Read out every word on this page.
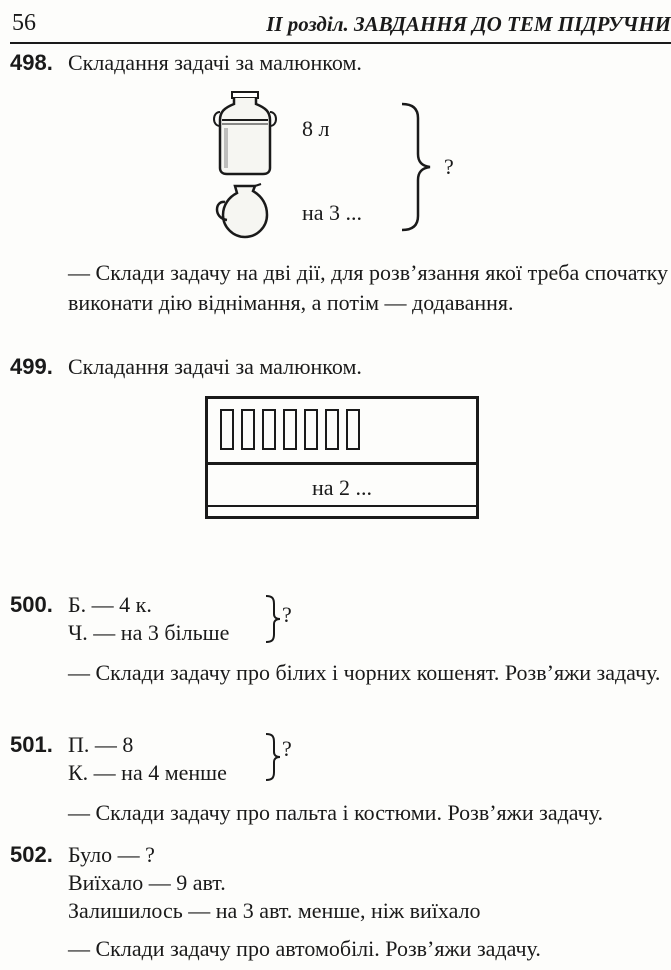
56	II розділ. ЗАВДАННЯ ДО ТЕМ ПІДРУЧНИ
498. Складання задачі за малюнком.
8 л
на 3 ...
?
— Склади задачу на дві дії, для розв’язання якої треба спочатку виконати дію віднімання, а потім — додавання.
499. Складання задачі за малюнком.
на 2 ...
500. Б. — 4 к.
Ч. — на 3 більше
?
— Склади задачу про білих і чорних кошенят. Розв’яжи задачу.
501. П. — 8
К. — на 4 менше
?
— Склади задачу про пальта і костюми. Розв’яжи задачу.
502. Було — ?
Виїхало — 9 авт.
Залишилось — на 3 авт. менше, ніж виїхало
— Склади задачу про автомобілі. Розв’яжи задачу.
